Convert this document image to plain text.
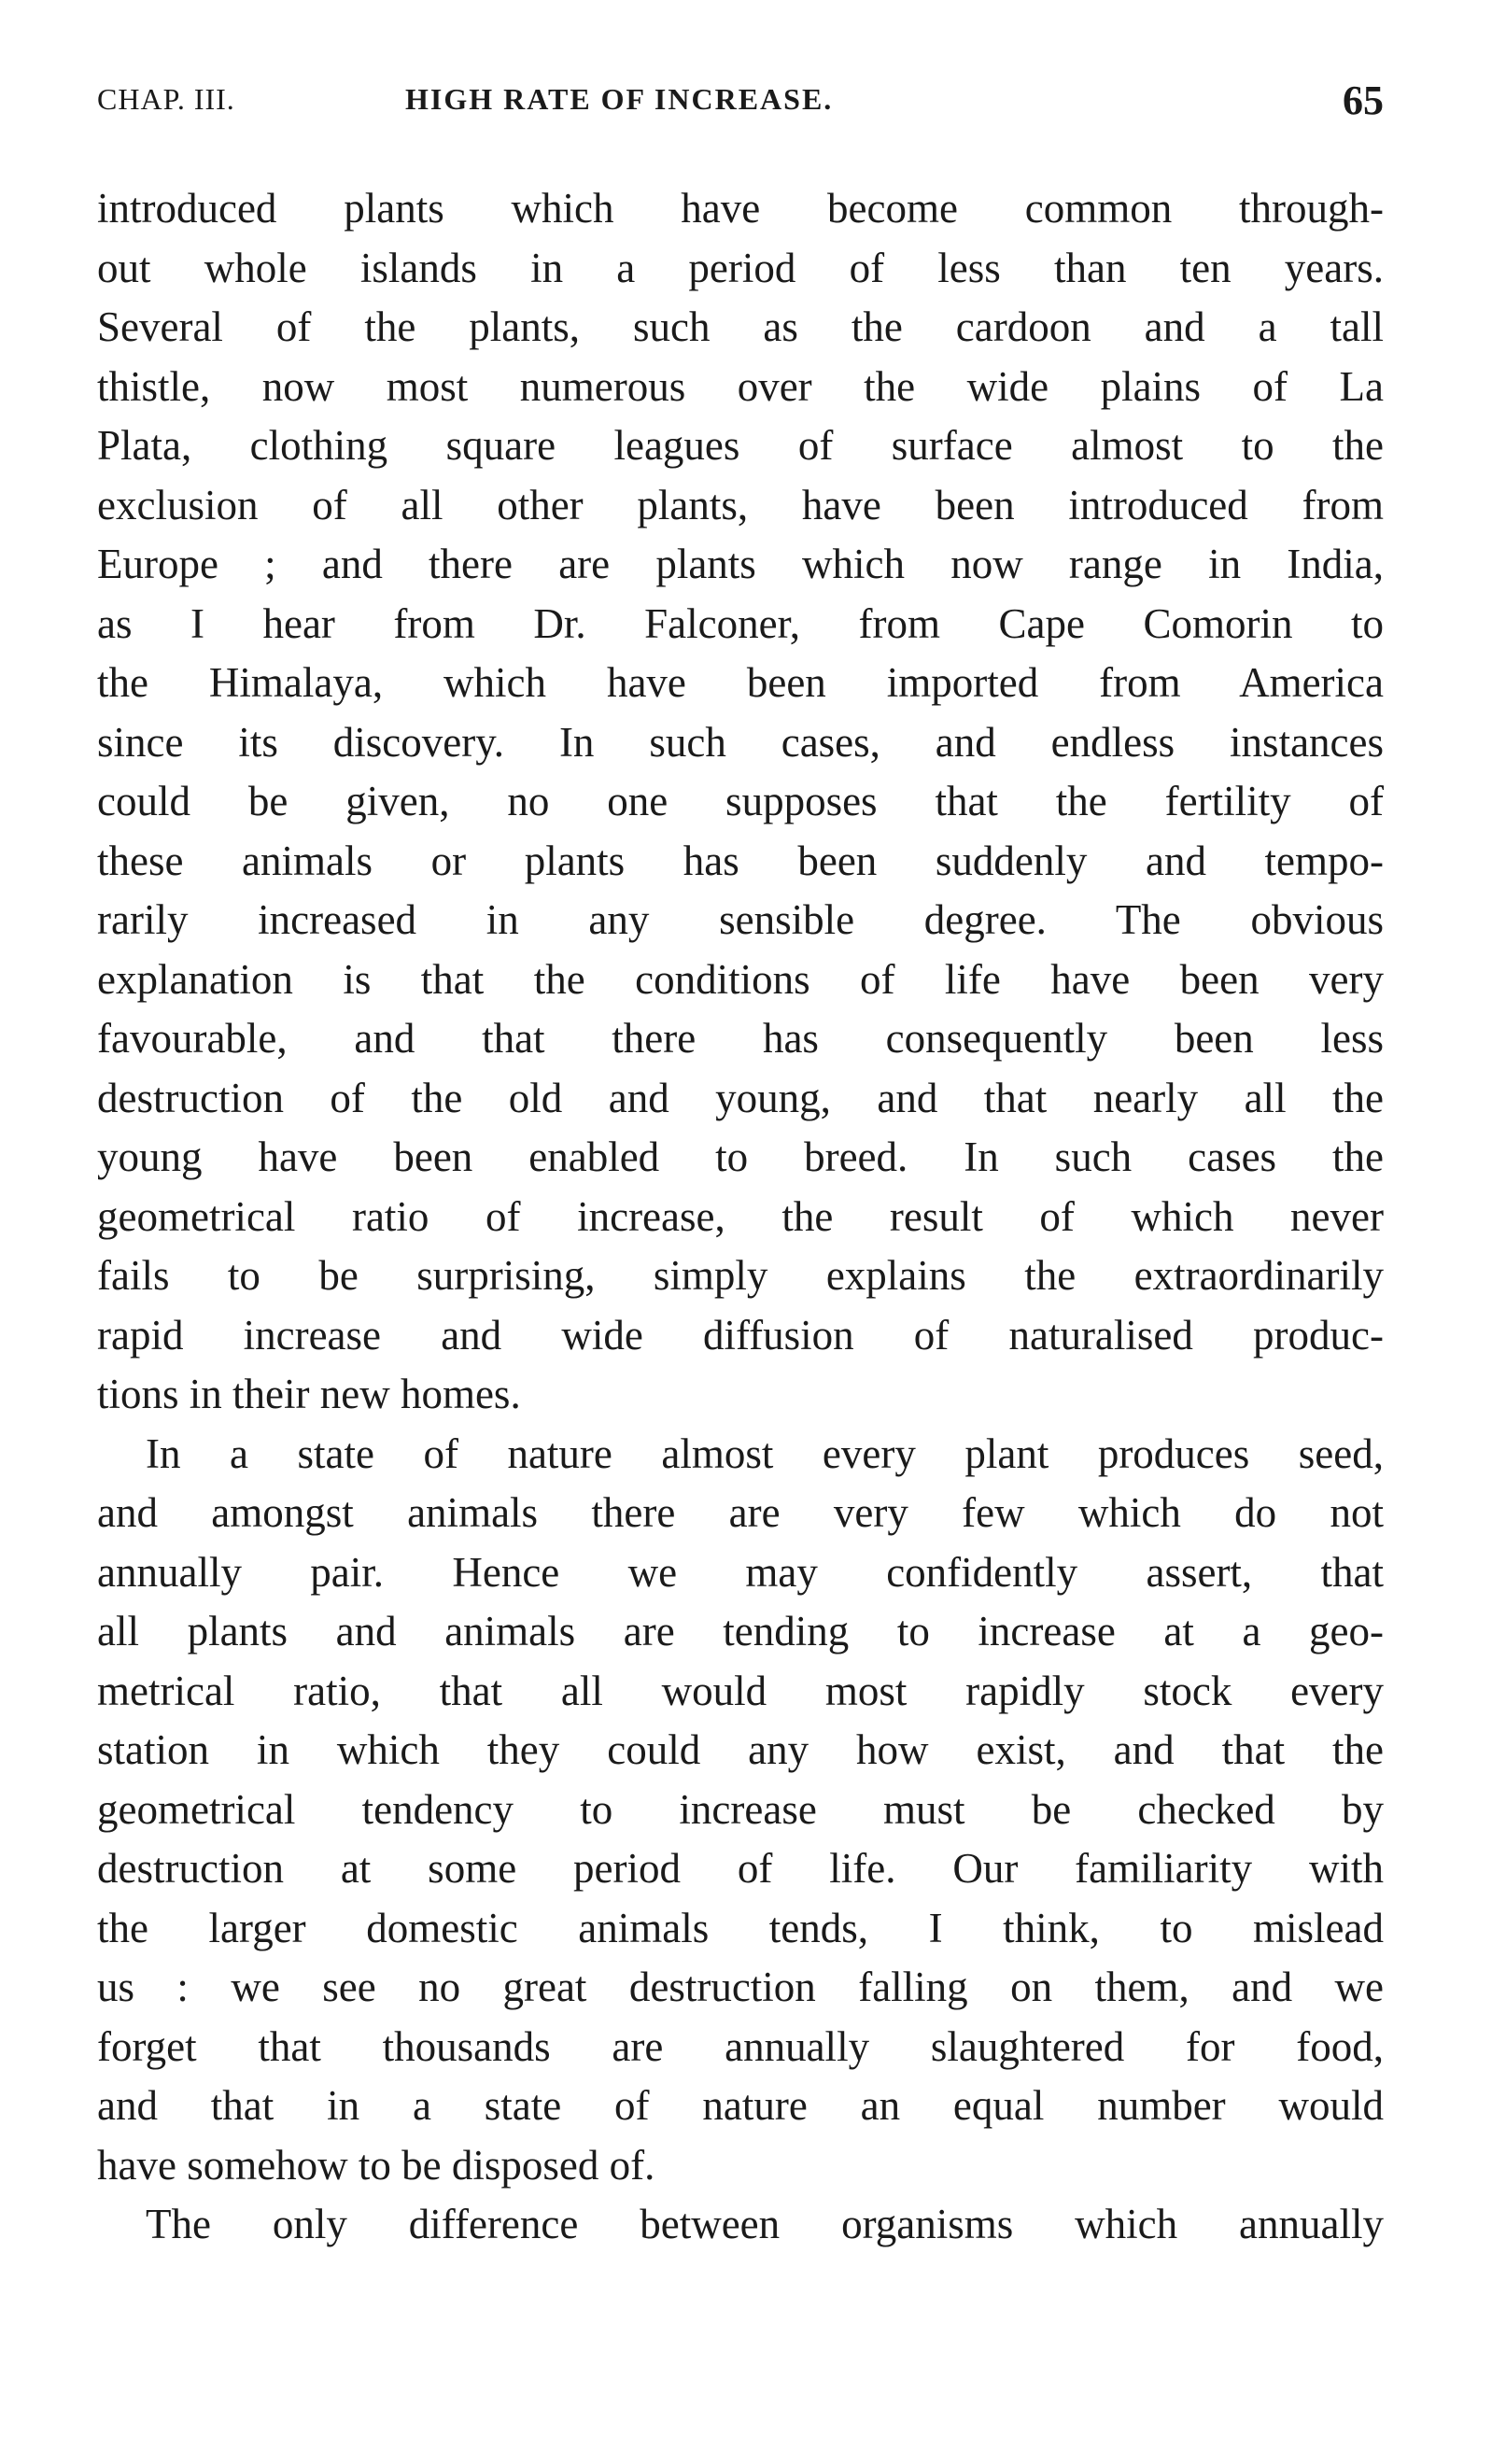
CHAP. III.	HIGH RATE OF INCREASE.	65
introduced plants which have become common through-
out whole islands in a period of less than ten years.
Several of the plants, such as the cardoon and a tall
thistle, now most numerous over the wide plains of La
Plata, clothing square leagues of surface almost to the
exclusion of all other plants, have been introduced from
Europe ; and there are plants which now range in India,
as I hear from Dr. Falconer, from Cape Comorin to
the Himalaya, which have been imported from America
since its discovery. In such cases, and endless instances
could be given, no one supposes that the fertility of
these animals or plants has been suddenly and tempo-
rarily increased in any sensible degree. The obvious
explanation is that the conditions of life have been very
favourable, and that there has consequently been less
destruction of the old and young, and that nearly all the
young have been enabled to breed. In such cases the
geometrical ratio of increase, the result of which never
fails to be surprising, simply explains the extraordinarily
rapid increase and wide diffusion of naturalised produc-
tions in their new homes.
In a state of nature almost every plant produces seed,
and amongst animals there are very few which do not
annually pair. Hence we may confidently assert, that
all plants and animals are tending to increase at a geo-
metrical ratio, that all would most rapidly stock every
station in which they could any how exist, and that the
geometrical tendency to increase must be checked by
destruction at some period of life. Our familiarity with
the larger domestic animals tends, I think, to mislead
us : we see no great destruction falling on them, and we
forget that thousands are annually slaughtered for food,
and that in a state of nature an equal number would
have somehow to be disposed of.
The only difference between organisms which annually
